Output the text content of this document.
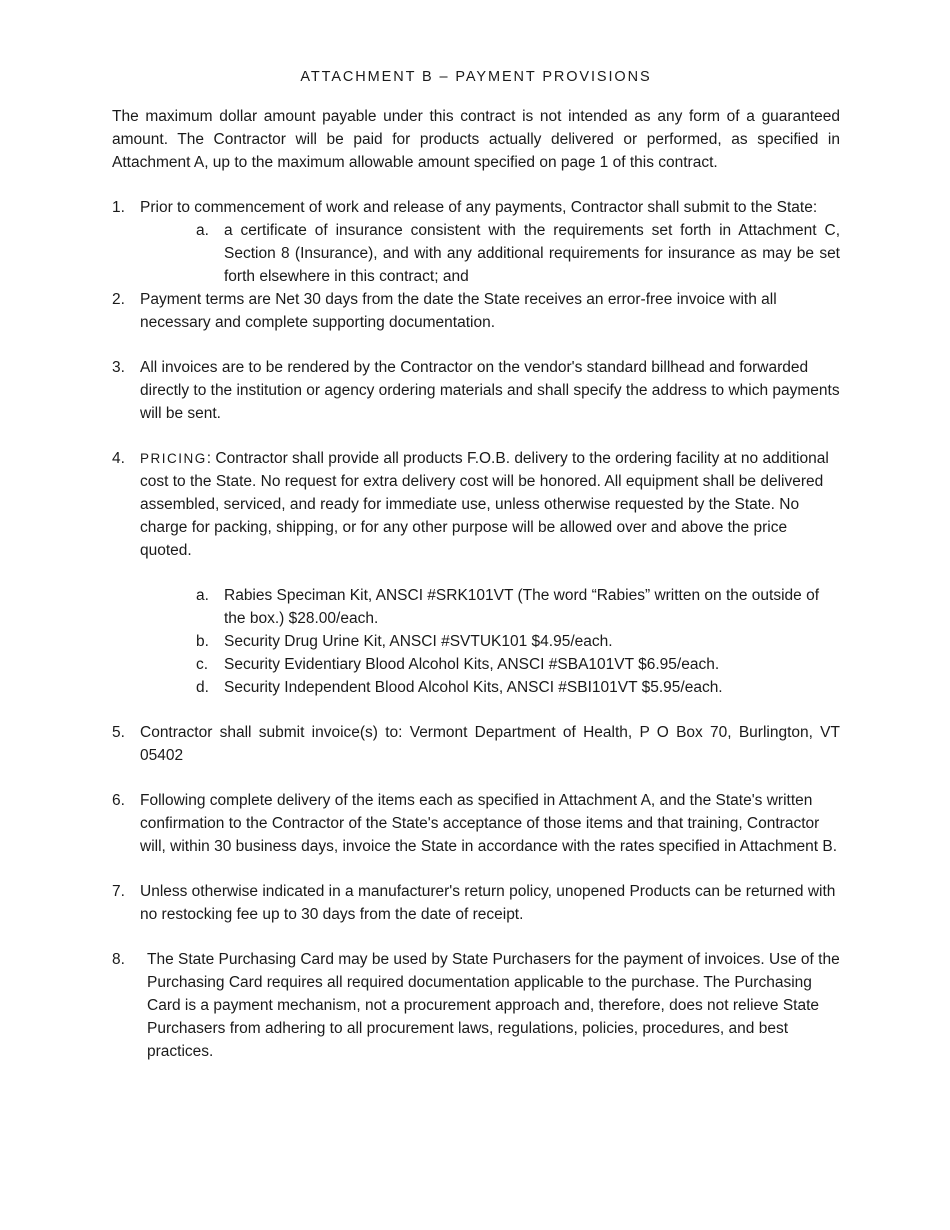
ATTACHMENT B – PAYMENT PROVISIONS

The maximum dollar amount payable under this contract is not intended as any form of a guaranteed amount. The Contractor will be paid for products actually delivered or performed, as specified in Attachment A, up to the maximum allowable amount specified on page 1 of this contract.

1. Prior to commencement of work and release of any payments, Contractor shall submit to the State:

a. a certificate of insurance consistent with the requirements set forth in Attachment C, Section 8 (Insurance), and with any additional requirements for insurance as may be set forth elsewhere in this contract; and

2. Payment terms are Net 30 days from the date the State receives an error-free invoice with all necessary and complete supporting documentation.

3. All invoices are to be rendered by the Contractor on the vendor's standard billhead and forwarded directly to the institution or agency ordering materials and shall specify the address to which payments will be sent.

4. PRICING: Contractor shall provide all products F.O.B. delivery to the ordering facility at no additional cost to the State. No request for extra delivery cost will be honored. All equipment shall be delivered assembled, serviced, and ready for immediate use, unless otherwise requested by the State. No charge for packing, shipping, or for any other purpose will be allowed over and above the price quoted.

a. Rabies Speciman Kit, ANSCI #SRK101VT (The word “Rabies” written on the outside of the box.) $28.00/each.

b. Security Drug Urine Kit, ANSCI #SVTUK101 $4.95/each.

c. Security Evidentiary Blood Alcohol Kits, ANSCI #SBA101VT $6.95/each.

d. Security Independent Blood Alcohol Kits, ANSCI #SBI101VT $5.95/each.

5. Contractor shall submit invoice(s) to: Vermont Department of Health, P O Box 70, Burlington, VT 05402

6. Following complete delivery of the items each as specified in Attachment A, and the State's written confirmation to the Contractor of the State's acceptance of those items and that training, Contractor will, within 30 business days, invoice the State in accordance with the rates specified in Attachment B.

7. Unless otherwise indicated in a manufacturer's return policy, unopened Products can be returned with no restocking fee up to 30 days from the date of receipt.

8. The State Purchasing Card may be used by State Purchasers for the payment of invoices. Use of the Purchasing Card requires all required documentation applicable to the purchase. The Purchasing Card is a payment mechanism, not a procurement approach and, therefore, does not relieve State Purchasers from adhering to all procurement laws, regulations, policies, procedures, and best practices.
